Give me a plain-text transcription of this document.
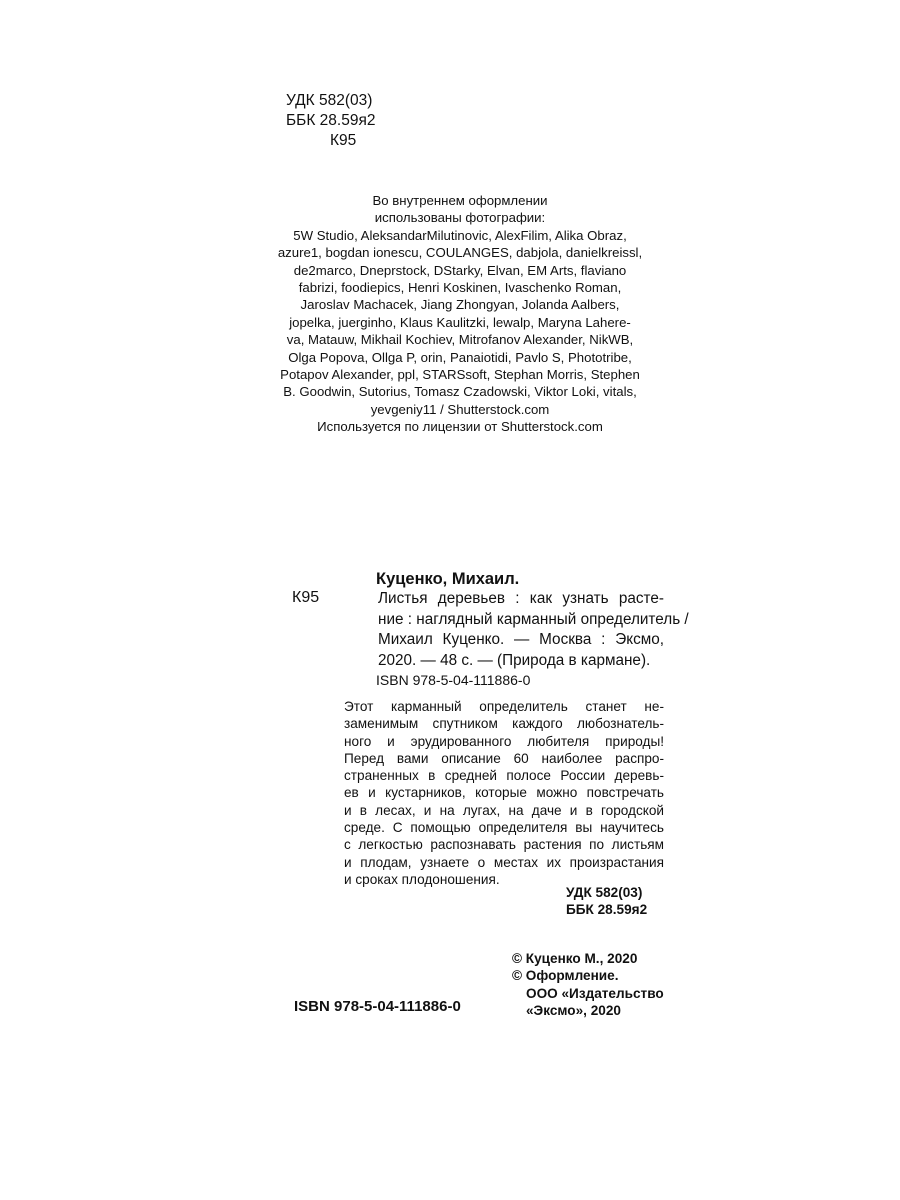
УДК 582(03)
ББК 28.59я2
К95
Во внутреннем оформлении
использованы фотографии:
5W Studio, AleksandarMilutinovic, AlexFilim, Alika Obraz,
azure1, bogdan ionescu, COULANGES, dabjola, danielkreissl,
de2marco, Dneprstock, DStarky, Elvan, EM Arts, flaviano
fabrizi, foodiepics, Henri Koskinen, Ivaschenko Roman,
Jaroslav Machacek, Jiang Zhongyan, Jolanda Aalbers,
jopelka, juerginho, Klaus Kaulitzki, lewalp, Maryna Lahere-
va, Matauw, Mikhail Kochiev, Mitrofanov Alexander, NikWB,
Olga Popova, Ollga P, orin, Panaiotidi, Pavlo S, Phototribe,
Potapov Alexander, ppl, STARSsoft, Stephan Morris, Stephen
B. Goodwin, Sutorius, Tomasz Czadowski, Viktor Loki, vitals,
yevgeniy11 / Shutterstock.com
Используется по лицензии от Shutterstock.com
Куценко, Михаил.
К95	Листья деревьев : как узнать расте-
ние : наглядный карманный определитель /
Михаил Куценко. — Москва : Эксмо,
2020. — 48 с. — (Природа в кармане).
ISBN 978-5-04-111886-0
Этот карманный определитель станет не-
заменимым спутником каждого любознатель-
ного и эрудированного любителя природы!
Перед вами описание 60 наиболее распро-
страненных в средней полосе России деревь-
ев и кустарников, которые можно повстречать
и в лесах, и на лугах, на даче и в городской
среде. С помощью определителя вы научитесь
с легкостью распознавать растения по листьям
и плодам, узнаете о местах их произрастания
и сроках плодоношения.
УДК 582(03)
ББК 28.59я2
© Куценко М., 2020
© Оформление.
ООО «Издательство
«Эксмо», 2020
ISBN 978-5-04-111886-0
